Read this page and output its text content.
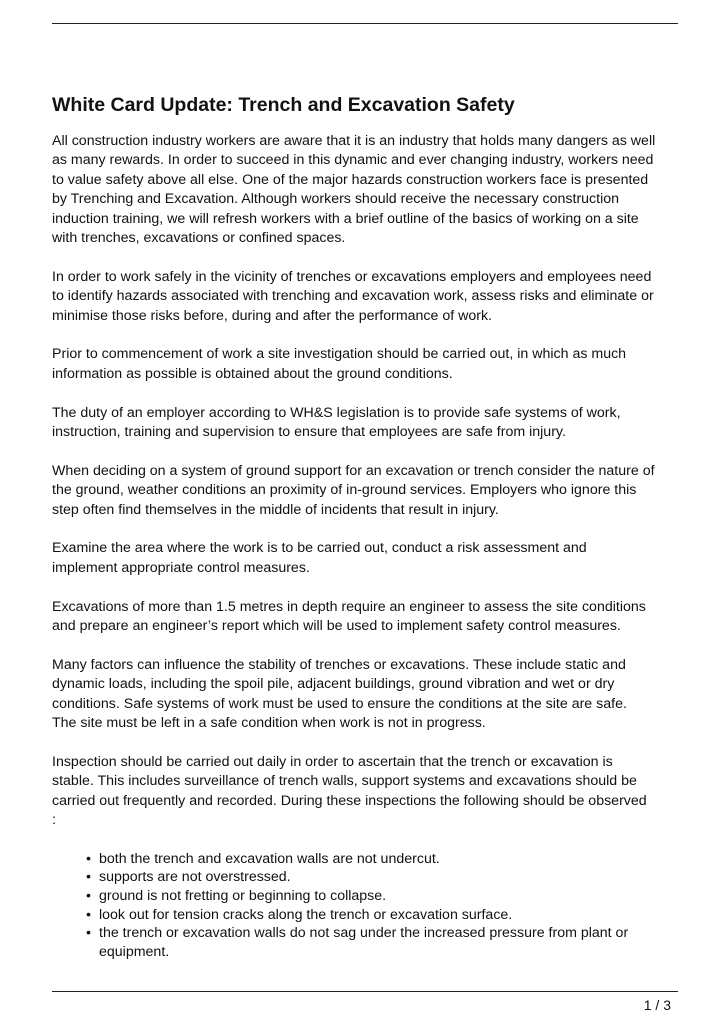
White Card Update: Trench and Excavation Safety

All construction industry workers are aware that it is an industry that holds many dangers as well
as many rewards. In order to succeed in this dynamic and ever changing industry, workers need
to value safety above all else. One of the major hazards construction workers face is presented
by Trenching and Excavation. Although workers should receive the necessary construction
induction training, we will refresh workers with a brief outline of the basics of working on a site
with trenches, excavations or confined spaces.

In order to work safely in the vicinity of trenches or excavations employers and employees need
to identify hazards associated with trenching and excavation work, assess risks and eliminate or
minimise those risks before, during and after the performance of work.

Prior to commencement of work a site investigation should be carried out, in which as much
information as possible is obtained about the ground conditions.

The duty of an employer according to WH&S legislation is to provide safe systems of work,
instruction, training and supervision to ensure that employees are safe from injury.

When deciding on a system of ground support for an excavation or trench consider the nature of
the ground, weather conditions an proximity of in-ground services. Employers who ignore this
step often find themselves in the middle of incidents that result in injury.

Examine the area where the work is to be carried out, conduct a risk assessment and
implement appropriate control measures.

Excavations of more than 1.5 metres in depth require an engineer to assess the site conditions
and prepare an engineer’s report which will be used to implement safety control measures.

Many factors can influence the stability of trenches or excavations. These include static and
dynamic loads, including the spoil pile, adjacent buildings, ground vibration and wet or dry
conditions. Safe systems of work must be used to ensure the conditions at the site are safe.
The site must be left in a safe condition when work is not in progress.

Inspection should be carried out daily in order to ascertain that the trench or excavation is
stable. This includes surveillance of trench walls, support systems and excavations should be
carried out frequently and recorded. During these inspections the following should be observed
:

• both the trench and excavation walls are not undercut.
• supports are not overstressed.
• ground is not fretting or beginning to collapse.
• look out for tension cracks along the trench or excavation surface.
• the trench or excavation walls do not sag under the increased pressure from plant or
equipment.
1 / 3
